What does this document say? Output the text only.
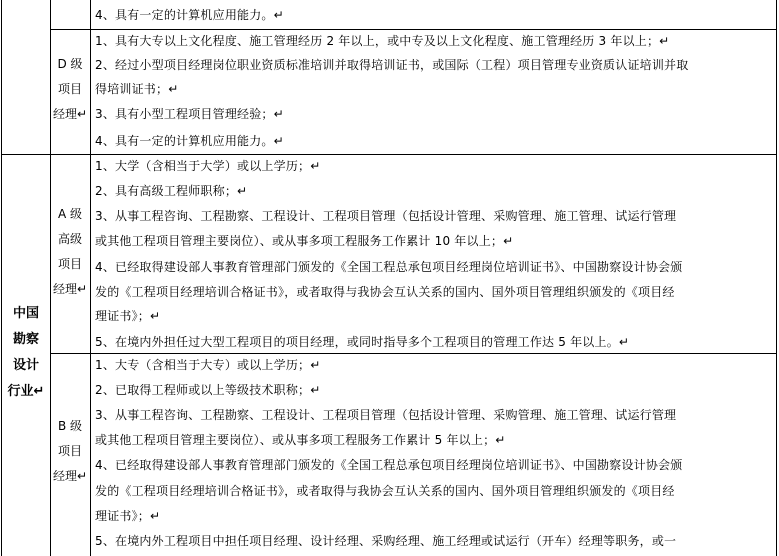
4、具有一定的计算机应用能力。↵
D 级
项目
经理↵
1、具有大专以上文化程度、施工管理经历 2 年以上，或中专及以上文化程度、施工管理经历 3 年以上；↵
2、经过小型项目经理岗位职业资质标准培训并取得培训证书，或国际（工程）项目管理专业资质认证培训并取
得培训证书；↵
3、具有小型工程项目管理经验；↵
4、具有一定的计算机应用能力。↵
中国
勘察
设计
行业↵
A 级
高级
项目
经理↵
1、大学（含相当于大学）或以上学历；↵
2、具有高级工程师职称；↵
3、从事工程咨询、工程勘察、工程设计、工程项目管理（包括设计管理、采购管理、施工管理、试运行管理
或其他工程项目管理主要岗位）、或从事多项工程服务工作累计 10 年以上；↵
4、已经取得建设部人事教育管理部门颁发的《全国工程总承包项目经理岗位培训证书》、中国勘察设计协会颁
发的《工程项目经理培训合格证书》，或者取得与我协会互认关系的国内、国外项目管理组织颁发的《项目经
理证书》；↵
5、在境内外担任过大型工程项目的项目经理，或同时指导多个工程项目的管理工作达 5 年以上。↵
B 级
项目
经理↵
1、大专（含相当于大专）或以上学历；↵
2、已取得工程师或以上等级技术职称；↵
3、从事工程咨询、工程勘察、工程设计、工程项目管理（包括设计管理、采购管理、施工管理、试运行管理
或其他工程项目管理主要岗位）、或从事多项工程服务工作累计 5 年以上；↵
4、已经取得建设部人事教育管理部门颁发的《全国工程总承包项目经理岗位培训证书》、中国勘察设计协会颁
发的《工程项目经理培训合格证书》，或者取得与我协会互认关系的国内、国外项目管理组织颁发的《项目经
理证书》；↵
5、在境内外工程项目中担任项目经理、设计经理、采购经理、施工经理或试运行（开车）经理等职务，或一
